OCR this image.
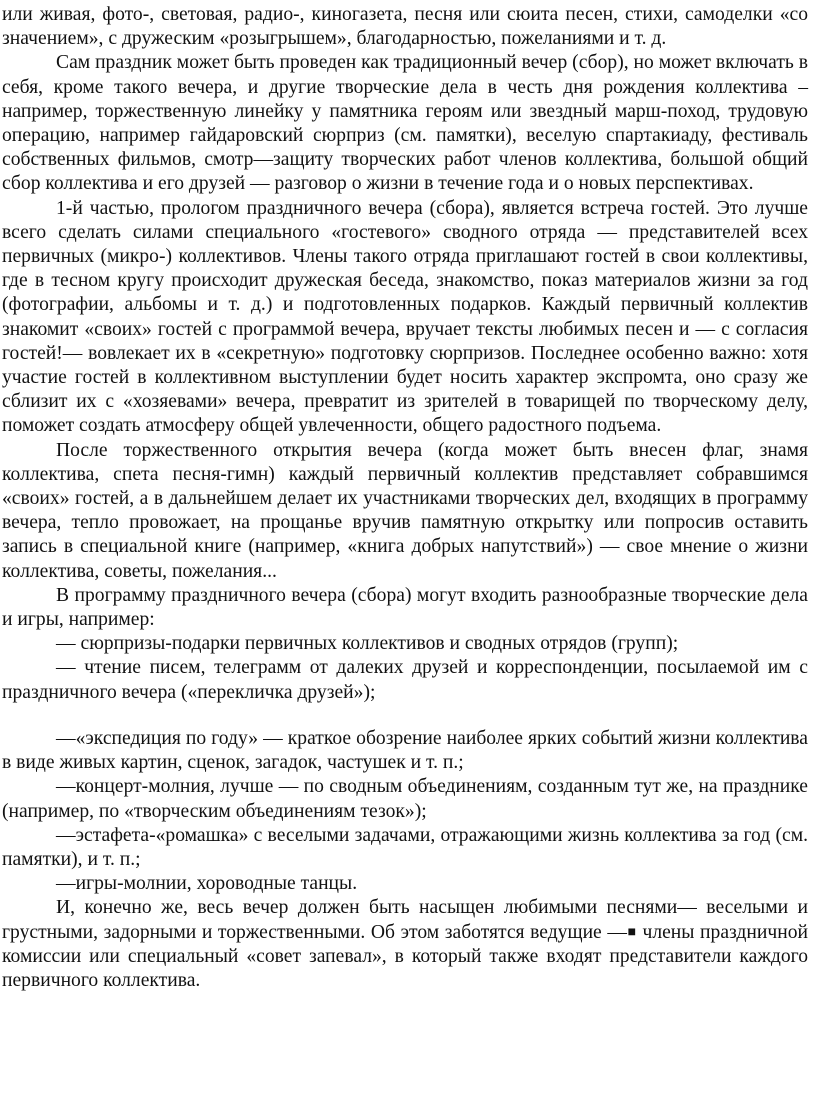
или живая, фото-, световая, радио-, киногазета, песня или сюита песен, стихи, самоделки «со значением», с дружеским «розыгрышем», благодарностью, пожеланиями и т. д.

Сам праздник может быть проведен как традиционный вечер (сбор), но может включать в себя, кроме такого вечера, и другие творческие дела в честь дня рождения коллектива – например, торжественную линейку у памятника героям или звездный марш-поход, трудовую операцию, например гайдаровский сюрприз (см. памятки), веселую спартакиаду, фестиваль собственных фильмов, смотр—защиту творческих работ членов коллектива, большой общий сбор коллектива и его друзей — разговор о жизни в течение года и о новых перспективах.

1-й частью, прологом праздничного вечера (сбора), является встреча гостей. Это лучше всего сделать силами специального «гостевого» сводного отряда — представителей всех первичных (микро-) коллективов. Члены такого отряда приглашают гостей в свои коллективы, где в тесном кругу происходит дружеская беседа, знакомство, показ материалов жизни за год (фотографии, альбомы и т. д.) и подготовленных подарков. Каждый первичный коллектив знакомит «своих» гостей с программой вечера, вручает тексты любимых песен и — с согласия гостей!— вовлекает их в «секретную» подготовку сюрпризов. Последнее особенно важно: хотя участие гостей в коллективном выступлении будет носить характер экспромта, оно сразу же сблизит их с «хозяевами» вечера, превратит из зрителей в товарищей по творческому делу, поможет создать атмосферу общей увлеченности, общего радостного подъема.

После торжественного открытия вечера (когда может быть внесен флаг, знамя коллектива, спета песня-гимн) каждый первичный коллектив представляет собравшимся «своих» гостей, а в дальнейшем делает их участниками творческих дел, входящих в программу вечера, тепло провожает, на прощанье вручив памятную открытку или попросив оставить запись в специальной книге (например, «книга добрых напутствий») — свое мнение о жизни коллектива, советы, пожелания...

В программу праздничного вечера (сбора) могут входить разнообразные творческие дела и игры, например:

— сюрпризы-подарки первичных коллективов и сводных отрядов (групп);

— чтение писем, телеграмм от далеких друзей и корреспонденции, посылаемой им с праздничного вечера («перекличка друзей»);

—«экспедиция по году» — краткое обозрение наиболее ярких событий жизни коллектива в виде живых картин, сценок, загадок, частушек и т. п.;

—концерт-молния, лучше — по сводным объединениям, созданным тут же, на празднике (например, по «творческим объединениям тезок»);

—эстафета-«ромашка» с веселыми задачами, отражающими жизнь коллектива за год (см. памятки), и т. п.;

—игры-молнии, хороводные танцы.

И, конечно же, весь вечер должен быть насыщен любимыми песнями— веселыми и грустными, задорными и торжественными. Об этом заботятся ведущие —■ члены праздничной комиссии или специальный «совет запевал», в который также входят представители каждого первичного коллектива.
